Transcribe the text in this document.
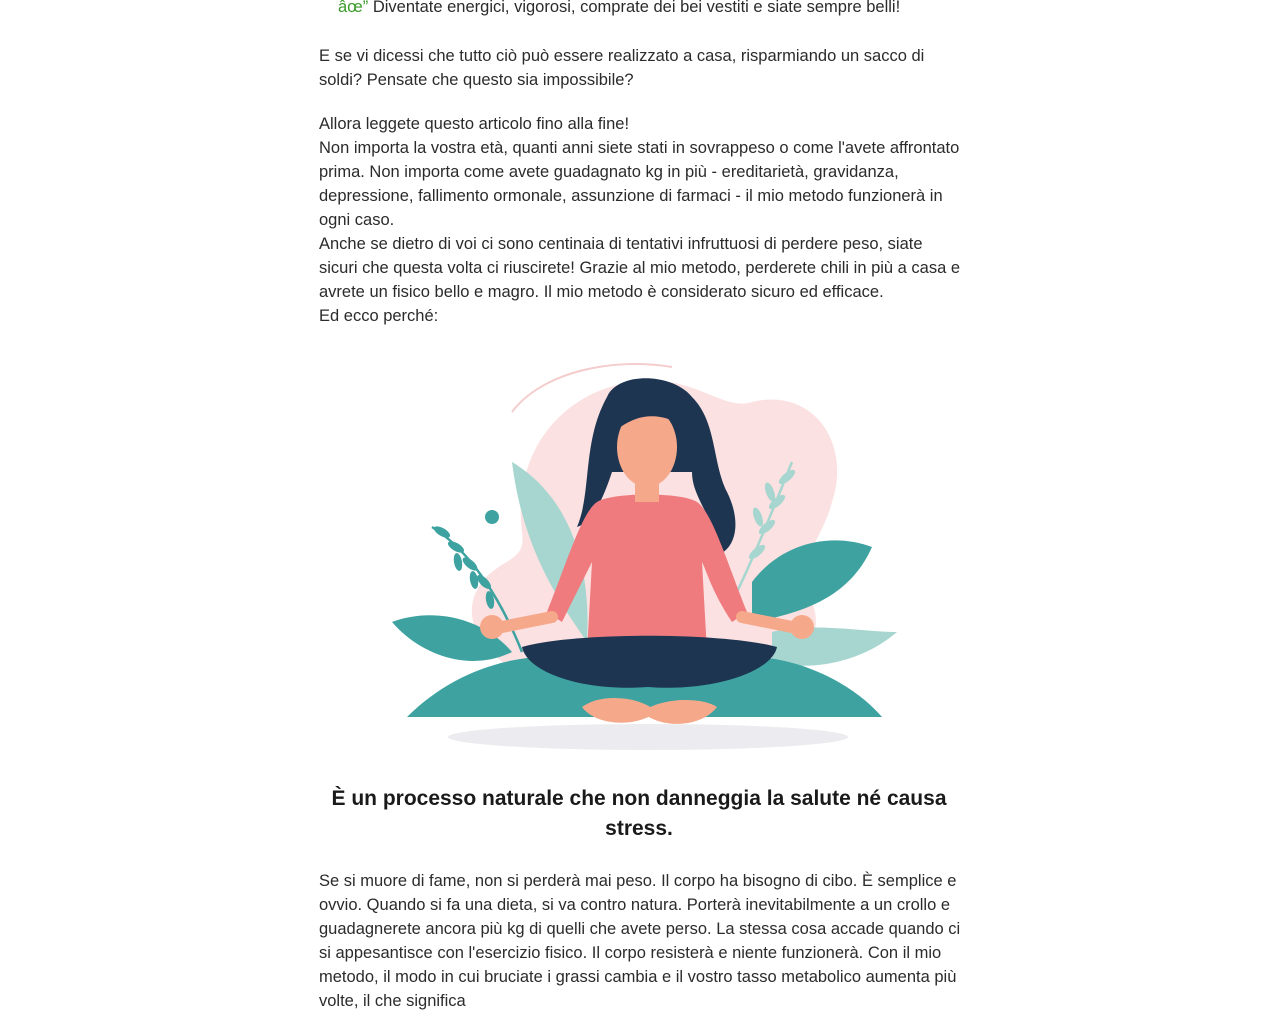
âœ” Diventate energici, vigorosi, comprate dei bei vestiti e siate sempre belli!

E se vi dicessi che tutto ciò può essere realizzato a casa, risparmiando un sacco di soldi? Pensate che questo sia impossibile?

Allora leggete questo articolo fino alla fine!
Non importa la vostra età, quanti anni siete stati in sovrappeso o come l'avete affrontato prima. Non importa come avete guadagnato kg in più - ereditarietà, gravidanza, depressione, fallimento ormonale, assunzione di farmaci - il mio metodo funzionerà in ogni caso.
Anche se dietro di voi ci sono centinaia di tentativi infruttuosi di perdere peso, siate sicuri che questa volta ci riuscirete! Grazie al mio metodo, perderete chili in più a casa e avrete un fisico bello e magro. Il mio metodo è considerato sicuro ed efficace.
Ed ecco perché:

Se si muore di fame, non si perderà mai peso. Il corpo ha bisogno di cibo. È semplice e ovvio. Quando si fa una dieta, si va contro natura. Porterà inevitabilmente a un crollo e guadagnerete ancora più kg di quelli che avete perso. La stessa cosa accade quando ci si appesantisce con l'esercizio fisico. Il corpo resisterà e niente funzionerà. Con il mio metodo, il modo in cui bruciate i grassi cambia e il vostro tasso metabolico aumenta più volte, il che significa

È un processo naturale che non danneggia la salute né causa stress.
